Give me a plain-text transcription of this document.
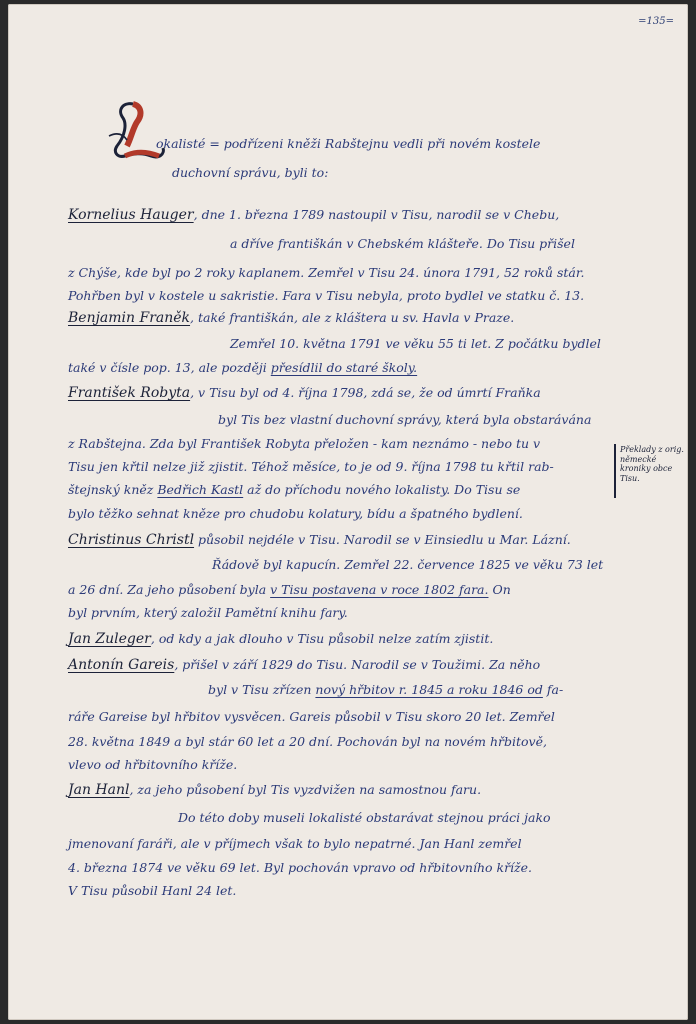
=135=
okalisté = podřízeni kněži Rabštejnu vedli při novém kostele
duchovní správu, byli to:
Kornelius Hauger, dne 1. března 1789 nastoupil v Tisu, narodil se v Chebu,
a dříve františkán v Chebském klášteře. Do Tisu přišel
z Chýše, kde byl po 2 roky kaplanem. Zemřel v Tisu 24. února 1791, 52 roků stár.
Pohřben byl v kostele u sakristie. Fara v Tisu nebyla, proto bydlel ve statku č. 13.
Benjamin Franěk, také františkán, ale z kláštera u sv. Havla v Praze.
Zemřel 10. května 1791 ve věku 55 ti let. Z počátku bydlel
také v čísle pop. 13, ale později přesídlil do staré školy.
František Robyta, v Tisu byl od 4. října 1798, zdá se, že od úmrtí Fraňka
byl Tis bez vlastní duchovní správy, která byla obstarávána
z Rabštejna. Zda byl František Robyta přeložen - kam neznámo - nebo tu v
Tisu jen křtil nelze již zjistit. Téhož měsíce, to je od 9. října 1798 tu křtil rab-
štejnský kněz Bedřich Kastl až do příchodu nového lokalisty. Do Tisu se
bylo těžko sehnat kněze pro chudobu kolatury, bídu a špatného bydlení.
Christinus Christl působil nejdéle v Tisu. Narodil se v Einsiedlu u Mar. Lázní.
Řádově byl kapucín. Zemřel 22. července 1825 ve věku 73 let
a 26 dní. Za jeho působení byla v Tisu postavena v roce 1802 fara. On
byl prvním, který založil Pamětní knihu fary.
Jan Zuleger, od kdy a jak dlouho v Tisu působil nelze zatím zjistit.
Antonín Gareis, přišel v září 1829 do Tisu. Narodil se v Toužimi. Za něho
byl v Tisu zřízen nový hřbitov r. 1845 a roku 1846 od fa-
ráře Gareise byl hřbitov vysvěcen. Gareis působil v Tisu skoro 20 let. Zemřel
28. května 1849 a byl stár 60 let a 20 dní. Pochován byl na novém hřbitově,
vlevo od hřbitovního kříže.
Jan Hanl, za jeho působení byl Tis vyzdvižen na samostnou faru.
Do této doby museli lokalisté obstarávat stejnou práci jako
jmenovaní faráři, ale v příjmech však to bylo nepatrné. Jan Hanl zemřel
4. března 1874 ve věku 69 let. Byl pochován vpravo od hřbitovního kříže.
V Tisu působil Hanl 24 let.
Překlady z orig. německé kroniky obce Tisu.
